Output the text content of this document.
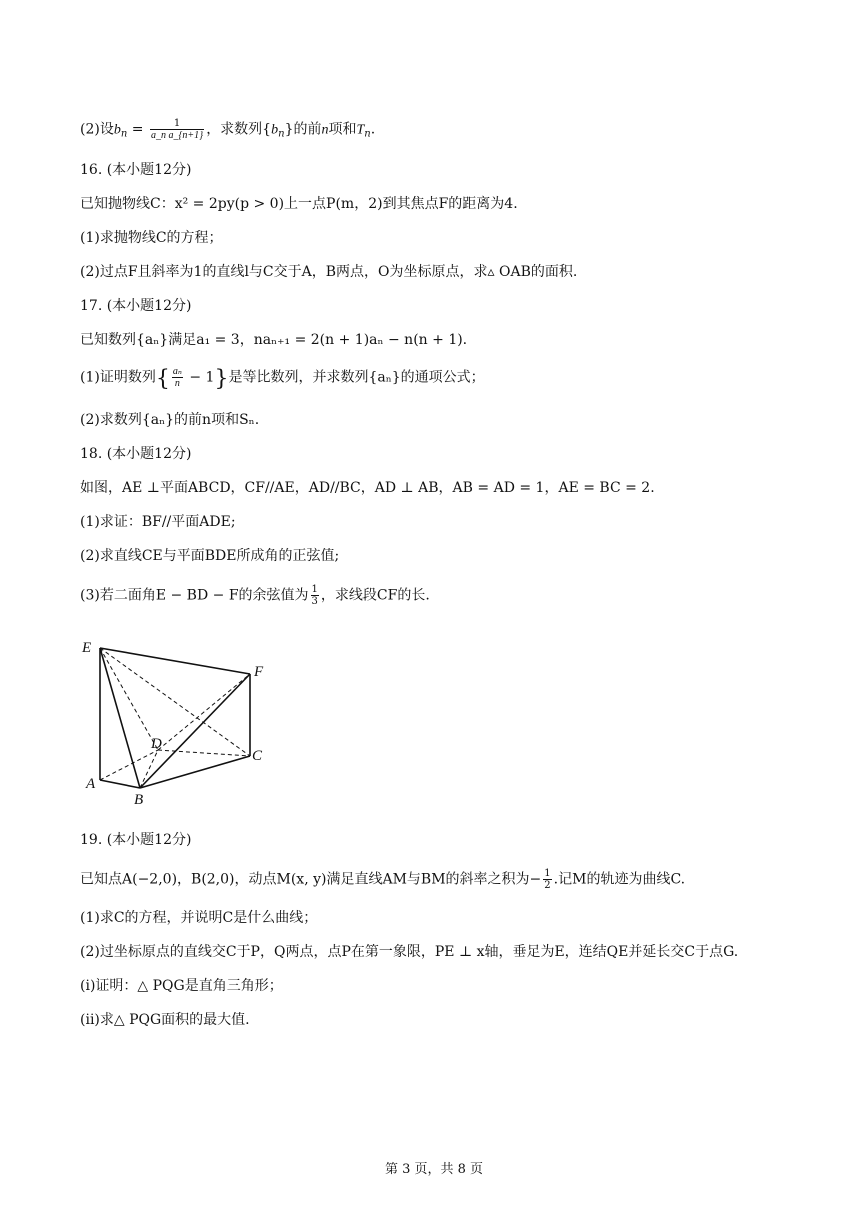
(2)设$b_n = \frac{1}{\text{a\_n a\_\{n+1\}}}$ ，求数列$\{b_n\}$的前n项和$T_n$.
16. (本小题12分)
已知抛物线C：x² = 2py(p > 0)上一点P(m，2)到其焦点F的距离为4.
(1)求抛物线C的方程；
(2)过点F且斜率为1的直线l与C交于A，B两点，O为坐标原点，求▵ OAB的面积.
17. (本小题12分)
已知数列{aₙ}满足a₁ = 3，naₙ₊₁ = 2(n + 1)aₙ − n(n + 1).
(1)证明数列{ $\frac{\text{aₙ}}{n} - 1$}是等比数列，并求数列{aₙ}的通项公式；
(2)求数列{aₙ}的前n项和Sₙ.
18. (本小题12分)
如图，AE ⊥平面ABCD，CF//AE，AD//BC，AD ⊥ AB，AB = AD = 1，AE = BC = 2.
(1)求证：BF//平面ADE;
(2)求直线CE与平面BDE所成角的正弦值;
(3)若二面角E − BD − F的余弦值为 $\frac{1}{3}$ ，求线段CF的长.
E
F
D
C
A
B
19. (本小题12分)
已知点A(−2,0)，B(2,0)，动点M(x, y)满足直线AM与BM的斜率之积为− $\frac{1}{2}$ .记M的轨迹为曲线C.
(1)求C的方程，并说明C是什么曲线；
(2)过坐标原点的直线交C于P，Q两点，点P在第一象限，PE ⊥ x轴，垂足为E，连结QE并延长交C于点G.
(i)证明：△ PQG是直角三角形；
(ii)求△ PQG面积的最大值.
第 3 页，共 8 页
